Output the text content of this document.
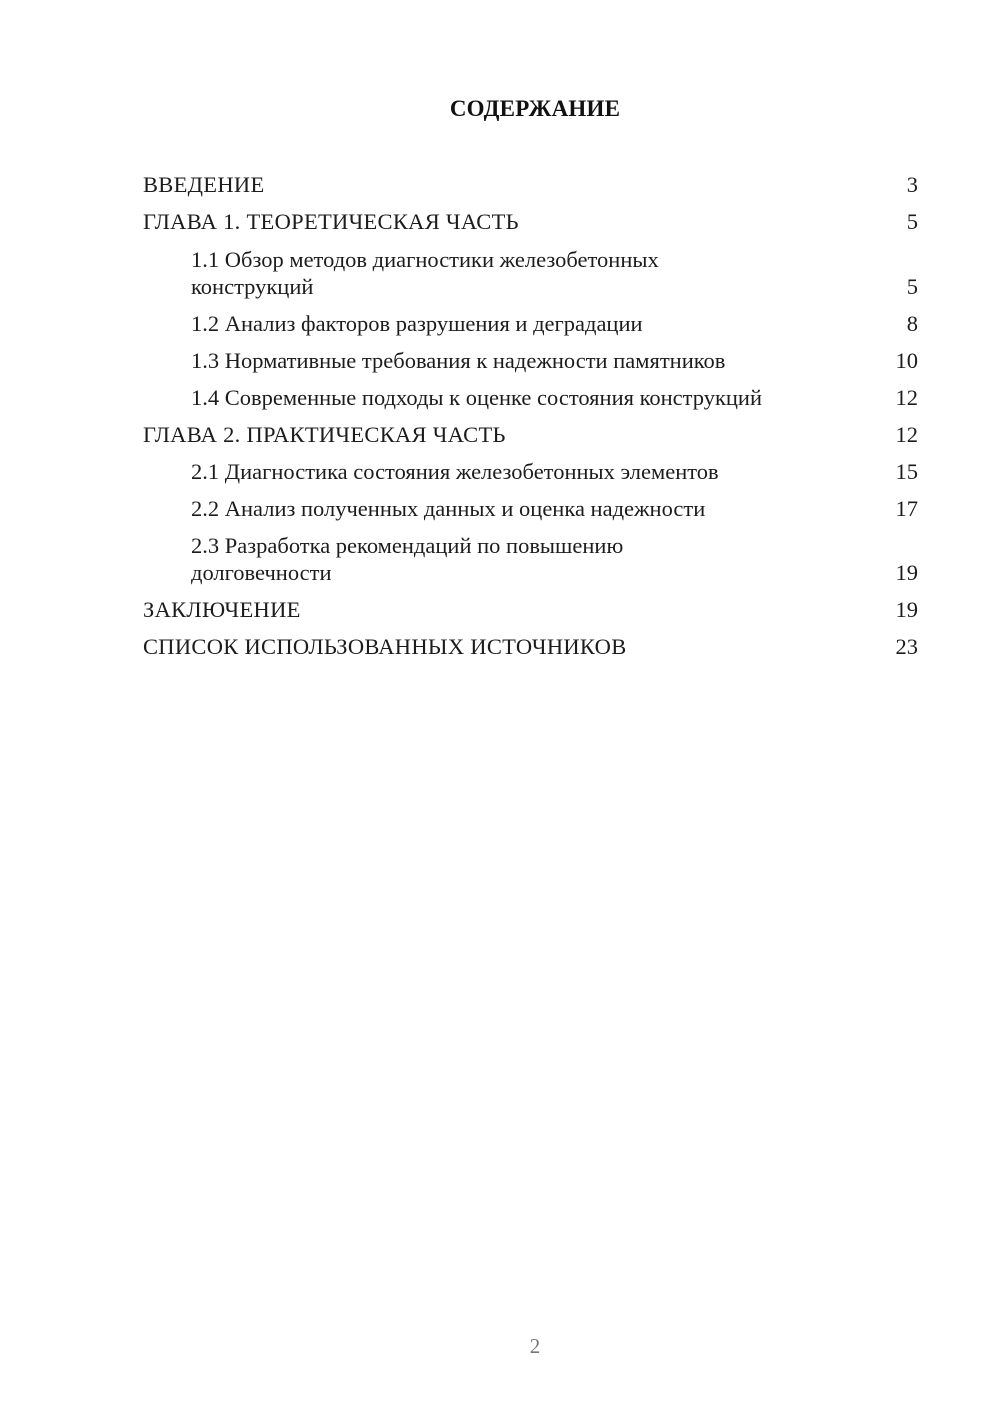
СОДЕРЖАНИЕ
ВВЕДЕНИЕ	3
ГЛАВА 1. ТЕОРЕТИЧЕСКАЯ ЧАСТЬ	5
1.1 Обзор методов диагностики железобетонных
конструкций	5
1.2 Анализ факторов разрушения и деградации	8
1.3 Нормативные требования к надежности памятников	10
1.4 Современные подходы к оценке состояния конструкций	12
ГЛАВА 2. ПРАКТИЧЕСКАЯ ЧАСТЬ	12
2.1 Диагностика состояния железобетонных элементов	15
2.2 Анализ полученных данных и оценка надежности	17
2.3 Разработка рекомендаций по повышению
долговечности	19
ЗАКЛЮЧЕНИЕ	19
СПИСОК ИСПОЛЬЗОВАННЫХ ИСТОЧНИКОВ	23
2
